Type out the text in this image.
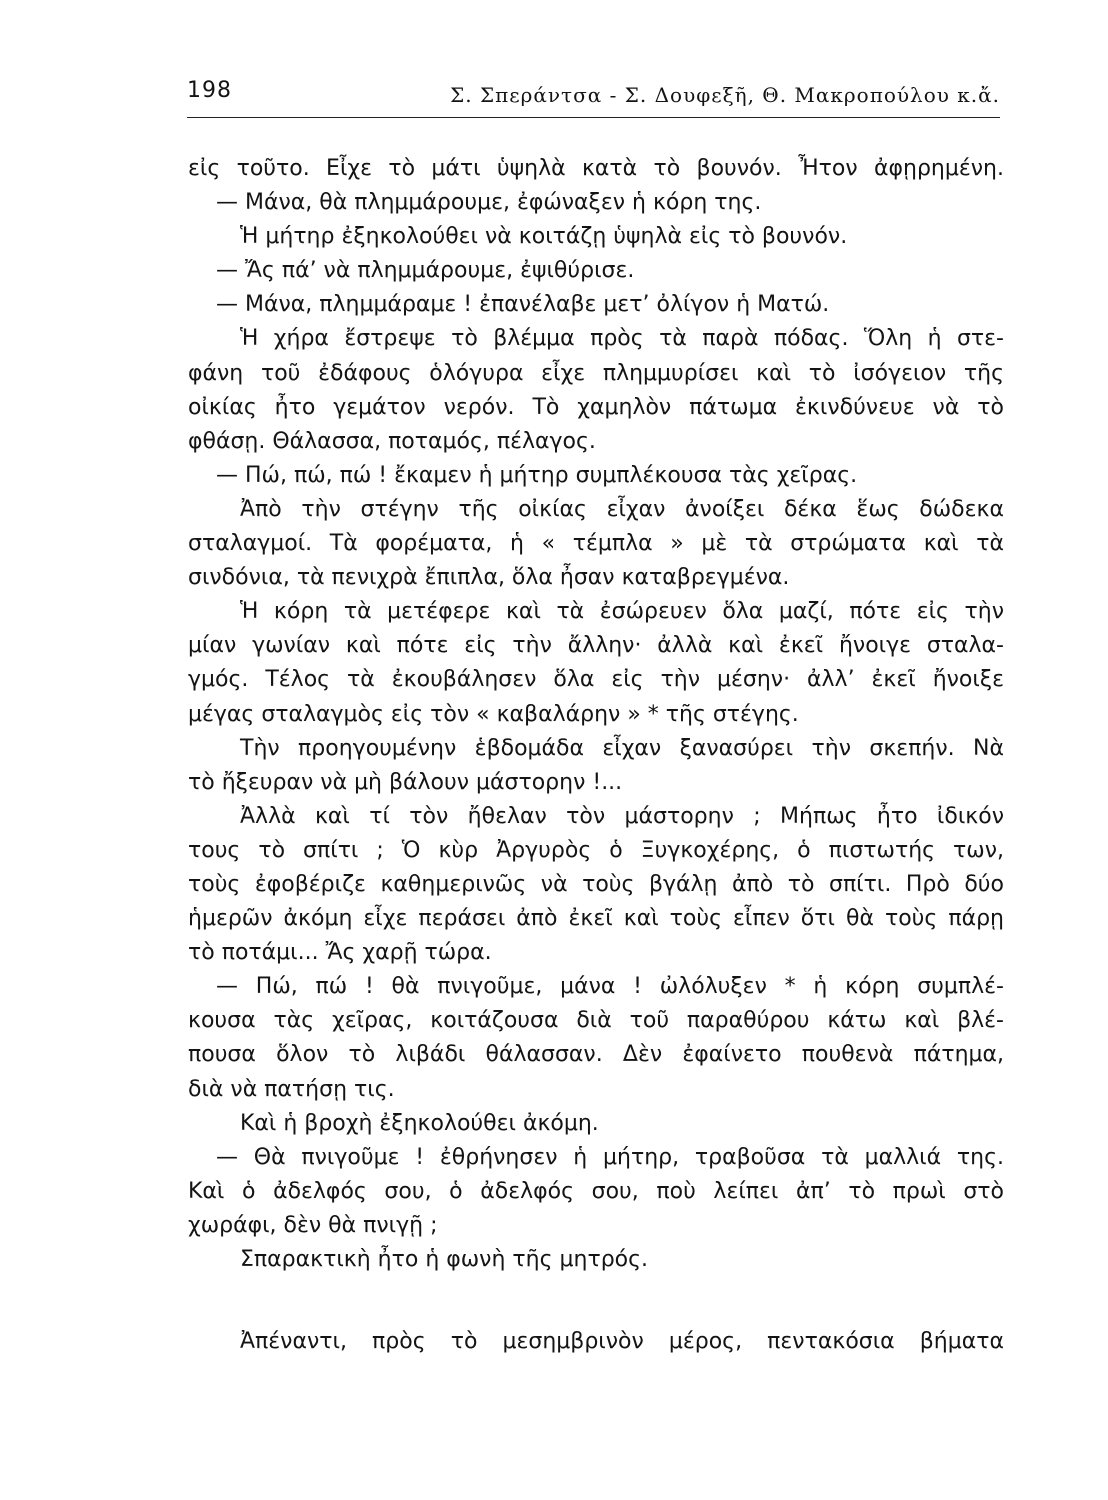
198	Σ. Σπεράντσα - Σ. Δουφεξῆ, Θ. Μακροπούλου κ.ἄ.
εἰς τοῦτο. Εἶχε τὸ μάτι ὑψηλὰ κατὰ τὸ βουνόν. Ἦτον ἀφῃρημένη.
— Μάνα, θὰ πλημμάρουμε, ἐφώναξεν ἡ κόρη της.
Ἡ μήτηρ ἐξηκολούθει νὰ κοιτάζῃ ὑψηλὰ εἰς τὸ βουνόν.
— Ἄς πά’ νὰ πλημμάρουμε, ἐψιθύρισε.
— Μάνα, πλημμάραμε ! ἐπανέλαβε μετ’ ὀλίγον ἡ Ματώ.
Ἡ χήρα ἔστρεψε τὸ βλέμμα πρὸς τὰ παρὰ πόδας. Ὅλη ἡ στε-
φάνη τοῦ ἐδάφους ὁλόγυρα εἶχε πλημμυρίσει καὶ τὸ ἰσόγειον τῆς
οἰκίας ἦτο γεμάτον νερόν. Τὸ χαμηλὸν πάτωμα ἐκινδύνευε νὰ τὸ
φθάσῃ. Θάλασσα, ποταμός, πέλαγος.
— Πώ, πώ, πώ ! ἔκαμεν ἡ μήτηρ συμπλέκουσα τὰς χεῖρας.
Ἀπὸ τὴν στέγην τῆς οἰκίας εἶχαν ἀνοίξει δέκα ἕως δώδεκα
σταλαγμοί. Τὰ φορέματα, ἡ « τέμπλα » μὲ τὰ στρώματα καὶ τὰ
σινδόνια, τὰ πενιχρὰ ἔπιπλα, ὅλα ἦσαν καταβρεγμένα.
Ἡ κόρη τὰ μετέφερε καὶ τὰ ἐσώρευεν ὅλα μαζί, πότε εἰς τὴν
μίαν γωνίαν καὶ πότε εἰς τὴν ἄλλην· ἀλλὰ καὶ ἐκεῖ ἤνοιγε σταλα-
γμός. Τέλος τὰ ἐκουβάλησεν ὅλα εἰς τὴν μέσην· ἀλλ’ ἐκεῖ ἤνοιξε
μέγας σταλαγμὸς εἰς τὸν « καβαλάρην » * τῆς στέγης.
Τὴν προηγουμένην ἑβδομάδα εἶχαν ξανασύρει τὴν σκεπήν. Νὰ
τὸ ἤξευραν νὰ μὴ βάλουν μάστορην !...
Ἀλλὰ καὶ τί τὸν ἤθελαν τὸν μάστορην ; Μήπως ἦτο ἰδικόν
τους τὸ σπίτι ; Ὁ κὺρ Ἀργυρὸς ὁ Ξυγκοχέρης, ὁ πιστωτής των,
τοὺς ἐφοβέριζε καθημερινῶς νὰ τοὺς βγάλῃ ἀπὸ τὸ σπίτι. Πρὸ δύο
ἡμερῶν ἀκόμη εἶχε περάσει ἀπὸ ἐκεῖ καὶ τοὺς εἶπεν ὅτι θὰ τοὺς πάρῃ
τὸ ποτάμι... Ἄς χαρῇ τώρα.
— Πώ, πώ ! θὰ πνιγοῦμε, μάνα ! ὠλόλυξεν * ἡ κόρη συμπλέ-
κουσα τὰς χεῖρας, κοιτάζουσα διὰ τοῦ παραθύρου κάτω καὶ βλέ-
πουσα ὅλον τὸ λιβάδι θάλασσαν. Δὲν ἐφαίνετο πουθενὰ πάτημα,
διὰ νὰ πατήσῃ τις.
Καὶ ἡ βροχὴ ἐξηκολούθει ἀκόμη.
— Θὰ πνιγοῦμε ! ἐθρήνησεν ἡ μήτηρ, τραβοῦσα τὰ μαλλιά της.
Καὶ ὁ ἀδελφός σου, ὁ ἀδελφός σου, ποὺ λείπει ἀπ’ τὸ πρωὶ στὸ
χωράφι, δὲν θὰ πνιγῇ ;
Σπαρακτικὴ ἦτο ἡ φωνὴ τῆς μητρός.
Ἀπέναντι, πρὸς τὸ μεσημβρινὸν μέρος, πεντακόσια βήματα
